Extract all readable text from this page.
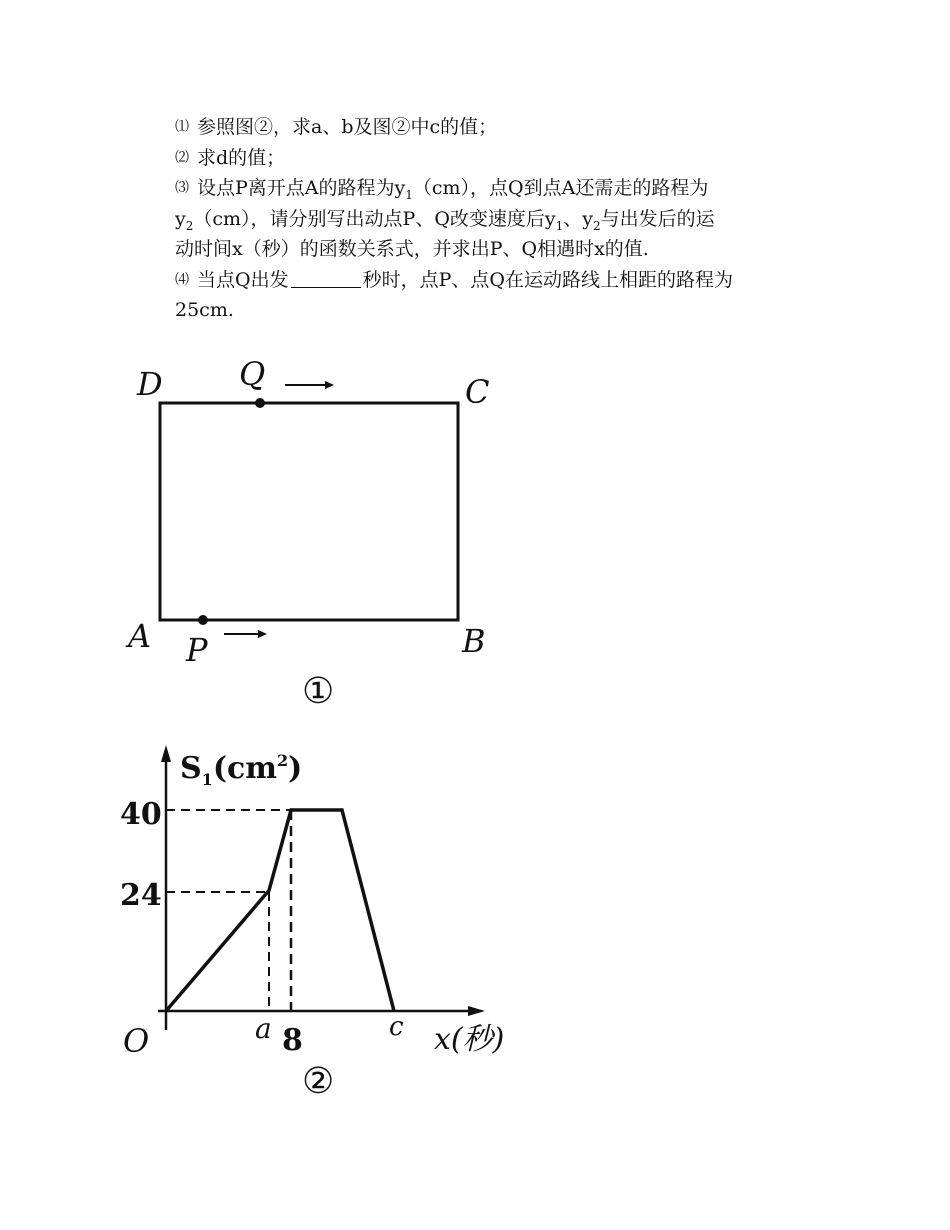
⑴ 参照图②，求a、b及图②中c的值；
⑵ 求d的值；
⑶ 设点P离开点A的路程为$y_1(cm)$，点Q到点A还需走的路程为
$y_2(cm)$，请分别写出动点P、Q改变速度后$y_1$、$y_2$与出发后的运
动时间x（秒）的函数关系式，并求出P、Q相遇时x的值.
⑷ 当点Q出发	秒时，点P、点Q在运动路线上相距的路程为
25cm.
D	C
A	B
P
Q
①
$S_1(cm^2)$
40
24
O	a 8	c x(秒)
②
